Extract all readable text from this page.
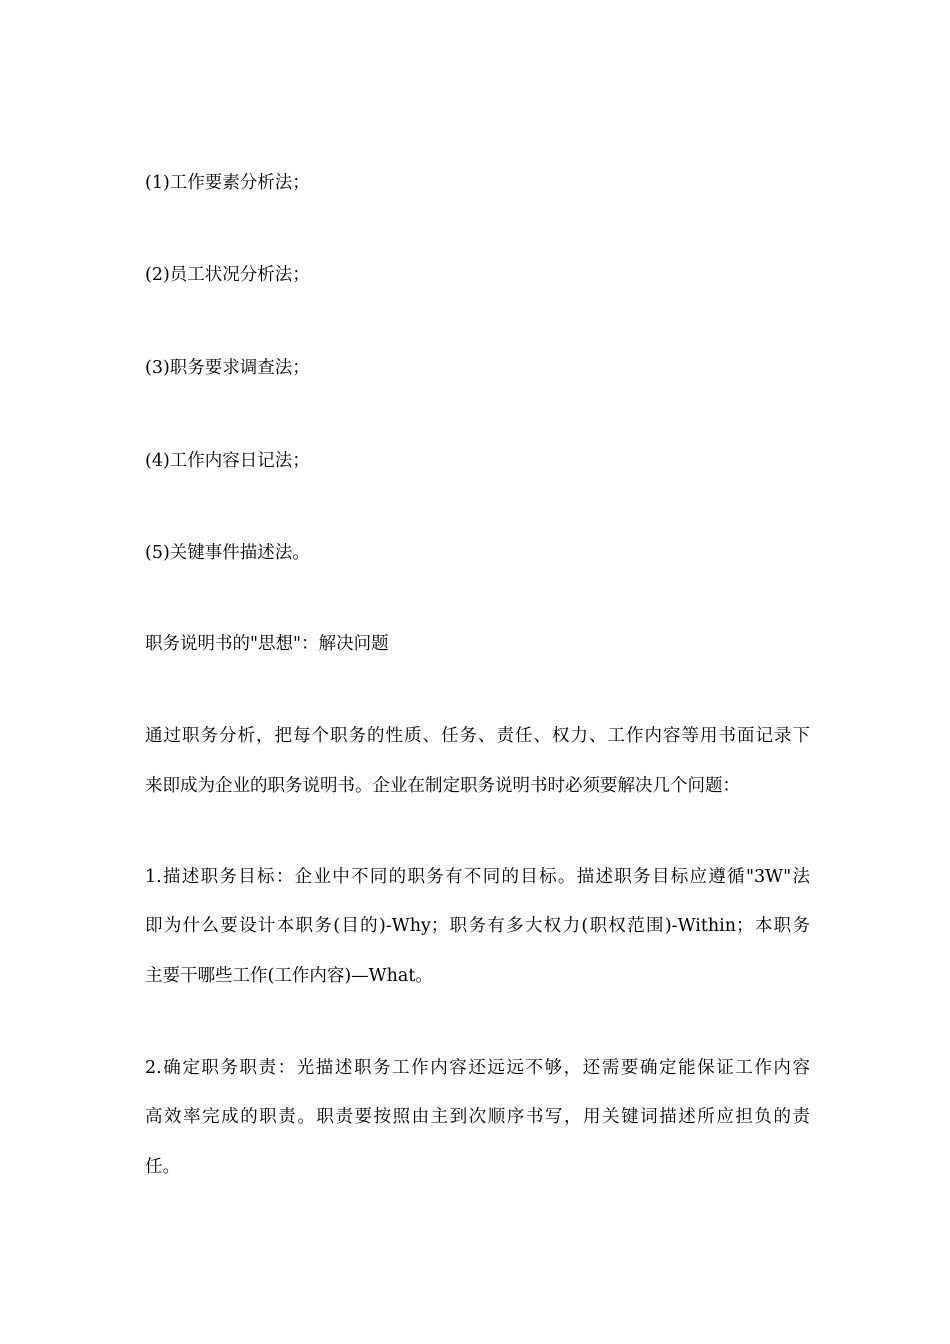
(1)工作要素分析法；
(2)员工状况分析法；
(3)职务要求调查法；
(4)工作内容日记法；
(5)关键事件描述法。
职务说明书的"思想"：解决问题
通过职务分析，把每个职务的性质、任务、责任、权力、工作内容等用书面记录下
来即成为企业的职务说明书。企业在制定职务说明书时必须要解决几个问题：
1.描述职务目标：企业中不同的职务有不同的目标。描述职务目标应遵循"3W"法
即为什么要设计本职务(目的)-Why；职务有多大权力(职权范围)-Within；本职务
主要干哪些工作(工作内容)—What。
2.确定职务职责：光描述职务工作内容还远远不够，还需要确定能保证工作内容
高效率完成的职责。职责要按照由主到次顺序书写，用关键词描述所应担负的责
任。
